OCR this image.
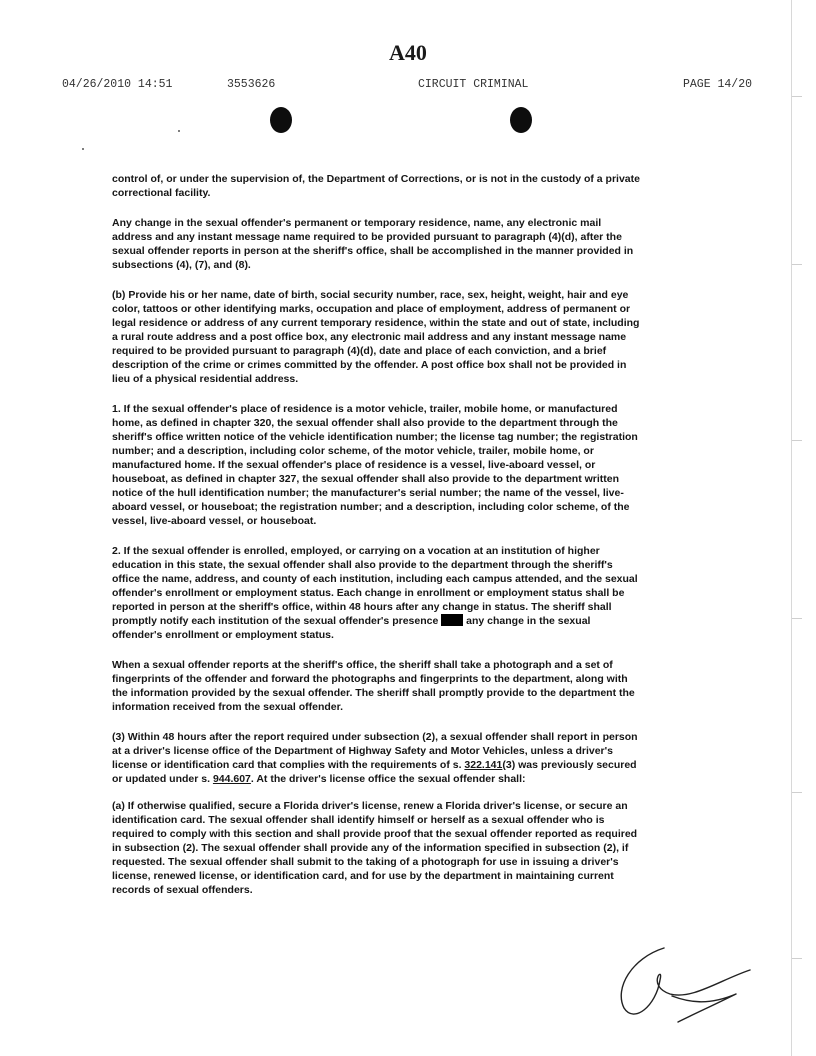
A40
04/26/2010 14:51	3553626	CIRCUIT CRIMINAL	PAGE 14/20

control of, or under the supervision of, the Department of Corrections, or is not in the custody of a private correctional facility.

Any change in the sexual offender's permanent or temporary residence, name, any electronic mail address and any instant message name required to be provided pursuant to paragraph (4)(d), after the sexual offender reports in person at the sheriff's office, shall be accomplished in the manner provided in subsections (4), (7), and (8).

(b) Provide his or her name, date of birth, social security number, race, sex, height, weight, hair and eye color, tattoos or other identifying marks, occupation and place of employment, address of permanent or legal residence or address of any current temporary residence, within the state and out of state, including a rural route address and a post office box, any electronic mail address and any instant message name required to be provided pursuant to paragraph (4)(d), date and place of each conviction, and a brief description of the crime or crimes committed by the offender. A post office box shall not be provided in lieu of a physical residential address.

1. If the sexual offender's place of residence is a motor vehicle, trailer, mobile home, or manufactured home, as defined in chapter 320, the sexual offender shall also provide to the department through the sheriff's office written notice of the vehicle identification number; the license tag number; the registration number; and a description, including color scheme, of the motor vehicle, trailer, mobile home, or manufactured home. If the sexual offender's place of residence is a vessel, live-aboard vessel, or houseboat, as defined in chapter 327, the sexual offender shall also provide to the department written notice of the hull identification number; the manufacturer's serial number; the name of the vessel, live-aboard vessel, or houseboat; the registration number; and a description, including color scheme, of the vessel, live-aboard vessel, or houseboat.

2. If the sexual offender is enrolled, employed, or carrying on a vocation at an institution of higher education in this state, the sexual offender shall also provide to the department through the sheriff's office the name, address, and county of each institution, including each campus attended, and the sexual offender's enrollment or employment status. Each change in enrollment or employment status shall be reported in person at the sheriff's office, within 48 hours after any change in status. The sheriff shall promptly notify each institution of the sexual offender's presence  any change in the sexual offender's enrollment or employment status.

When a sexual offender reports at the sheriff's office, the sheriff shall take a photograph and a set of fingerprints of the offender and forward the photographs and fingerprints to the department, along with the information provided by the sexual offender. The sheriff shall promptly provide to the department the information received from the sexual offender.

(3) Within 48 hours after the report required under subsection (2), a sexual offender shall report in person at a driver's license office of the Department of Highway Safety and Motor Vehicles, unless a driver's license or identification card that complies with the requirements of s. 322.141(3) was previously secured or updated under s. 944.607. At the driver's license office the sexual offender shall:

(a) If otherwise qualified, secure a Florida driver's license, renew a Florida driver's license, or secure an identification card. The sexual offender shall identify himself or herself as a sexual offender who is required to comply with this section and shall provide proof that the sexual offender reported as required in subsection (2). The sexual offender shall provide any of the information specified in subsection (2), if requested. The sexual offender shall submit to the taking of a photograph for use in issuing a driver's license, renewed license, or identification card, and for use by the department in maintaining current records of sexual offenders.
